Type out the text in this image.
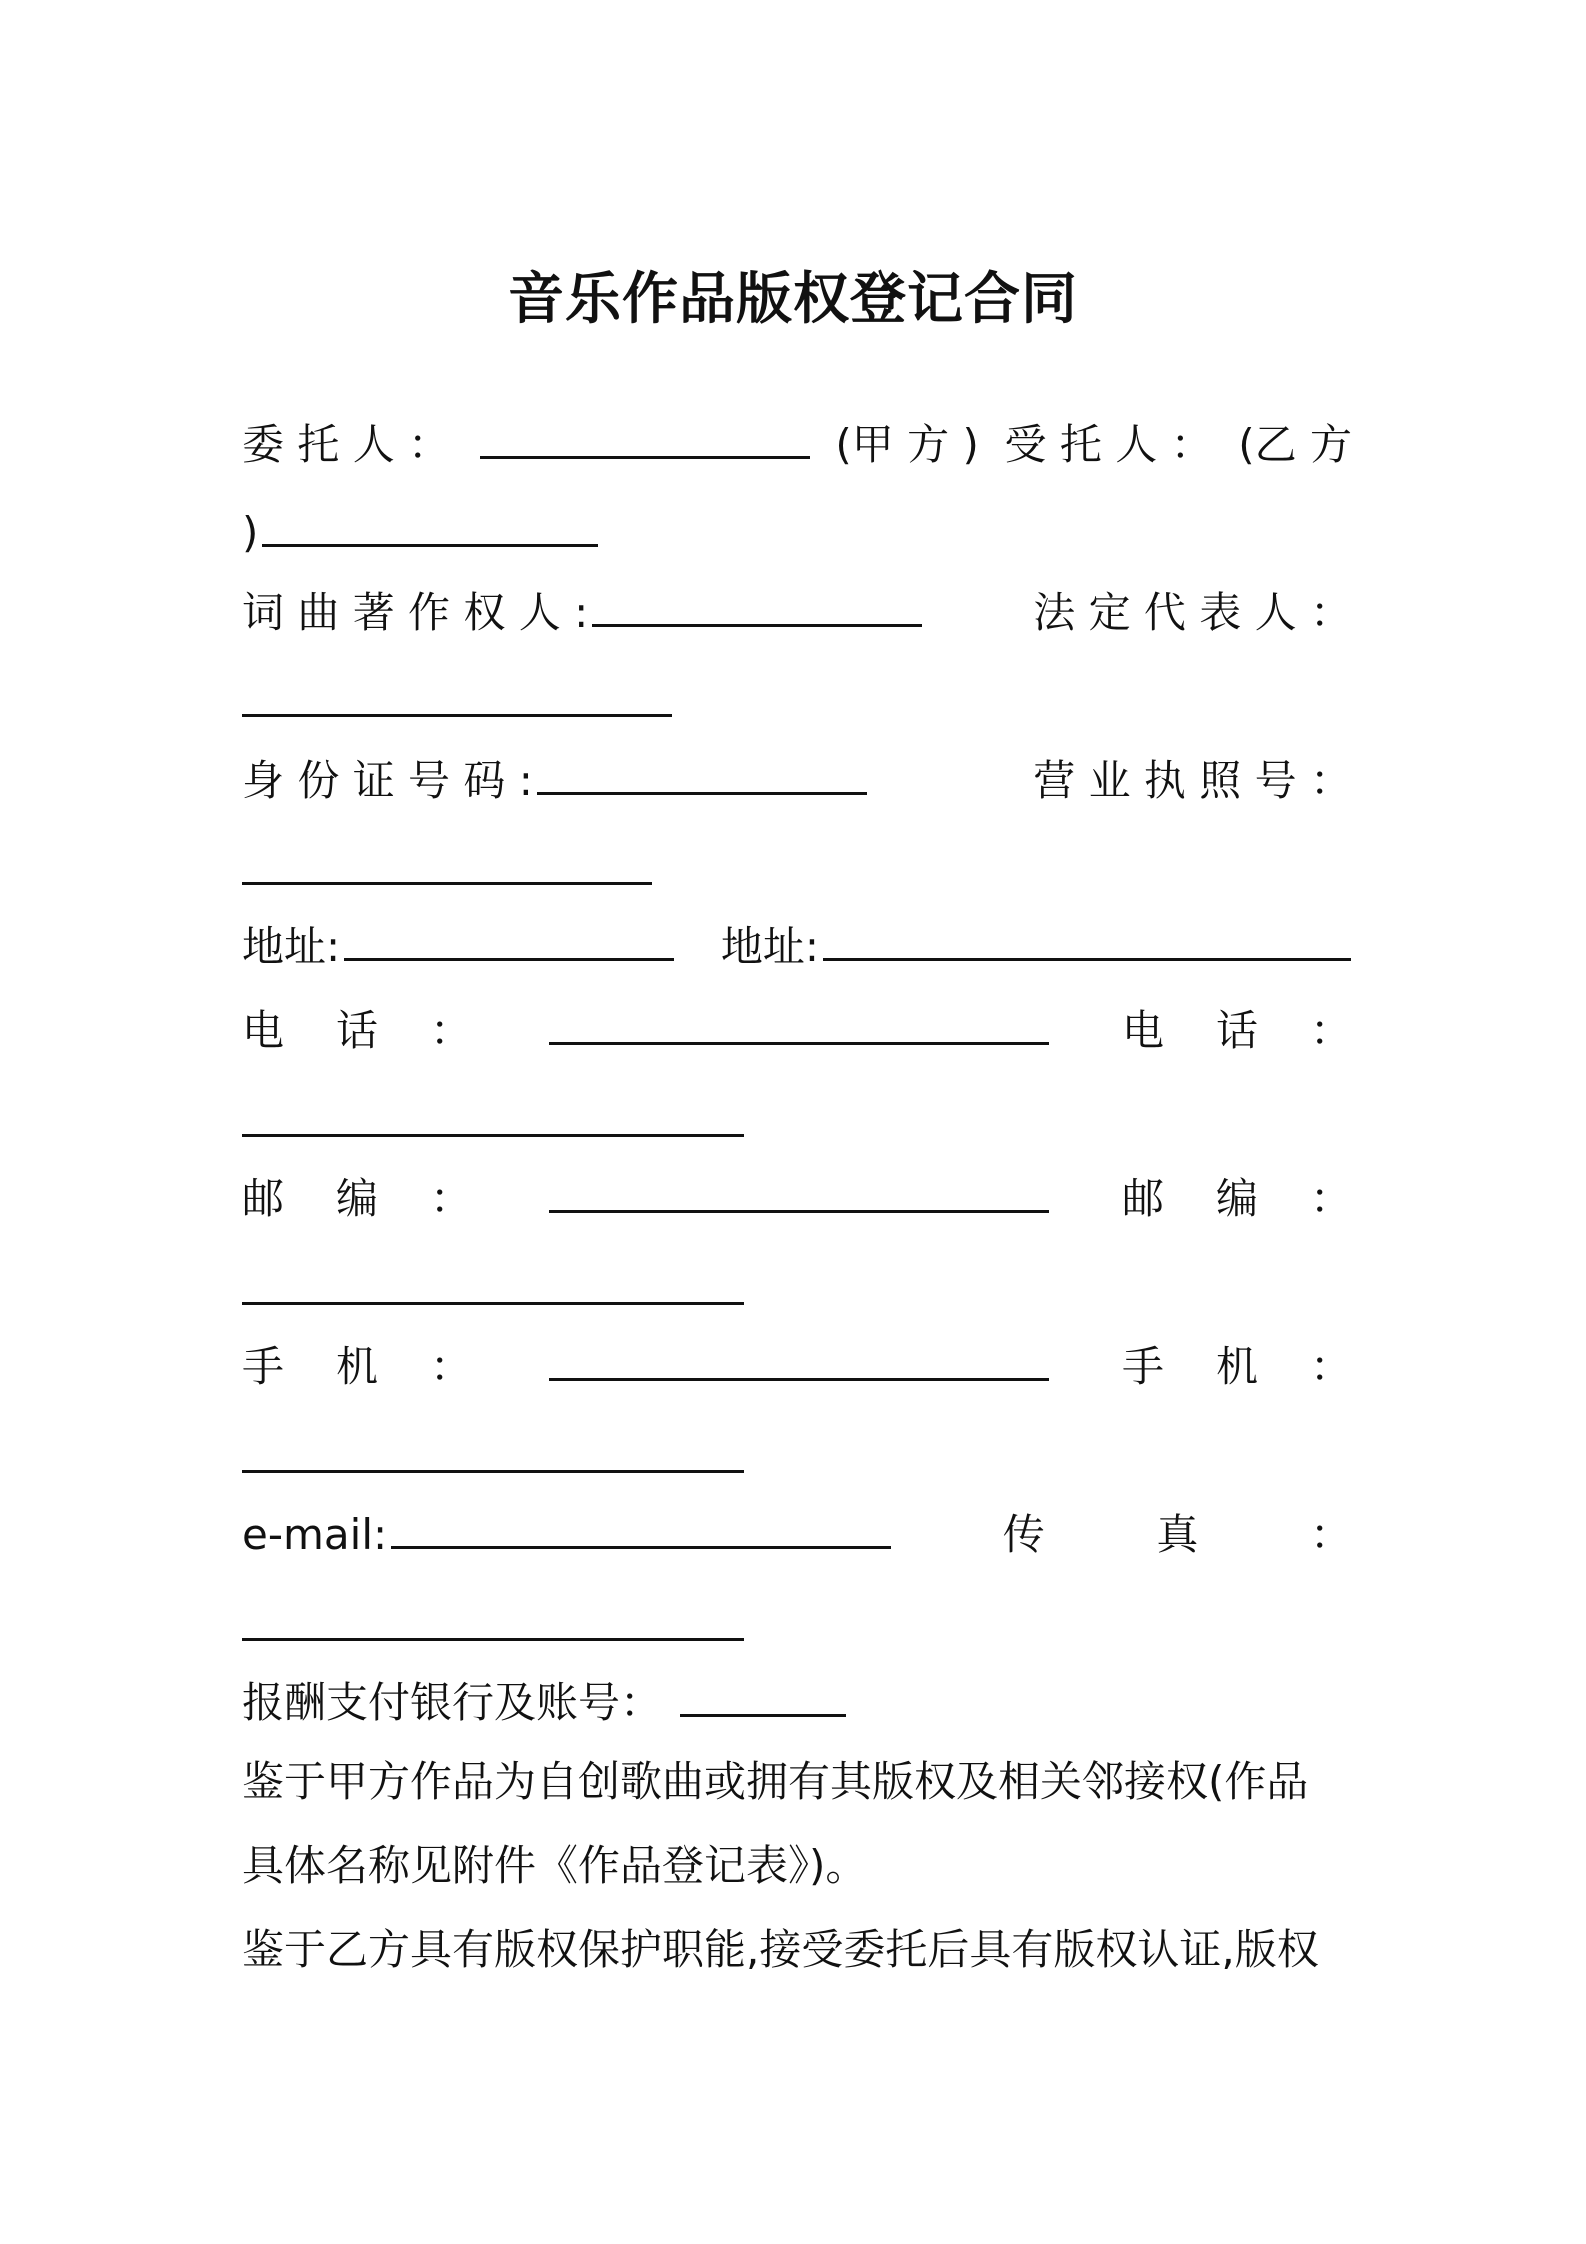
音乐作品版权登记合同
委 托 人 ：	(甲 方 ) 受 托 人 ： (乙 方
)
词 曲 著 作 权 人 :	法 定 代 表 人 ：
身 份 证 号 码 :	营 业 执 照 号 ：
地址:	地址:
电 话 ：	电 话 ：
邮 编 ：	邮 编 ：
手 机 ：	手 机 ：
e-mail:	传	真	：
报酬支付银行及账号：
鉴于甲方作品为自创歌曲或拥有其版权及相关邻接权(作品
具体名称见附件《作品登记表》)。
鉴于乙方具有版权保护职能,接受委托后具有版权认证,版权
